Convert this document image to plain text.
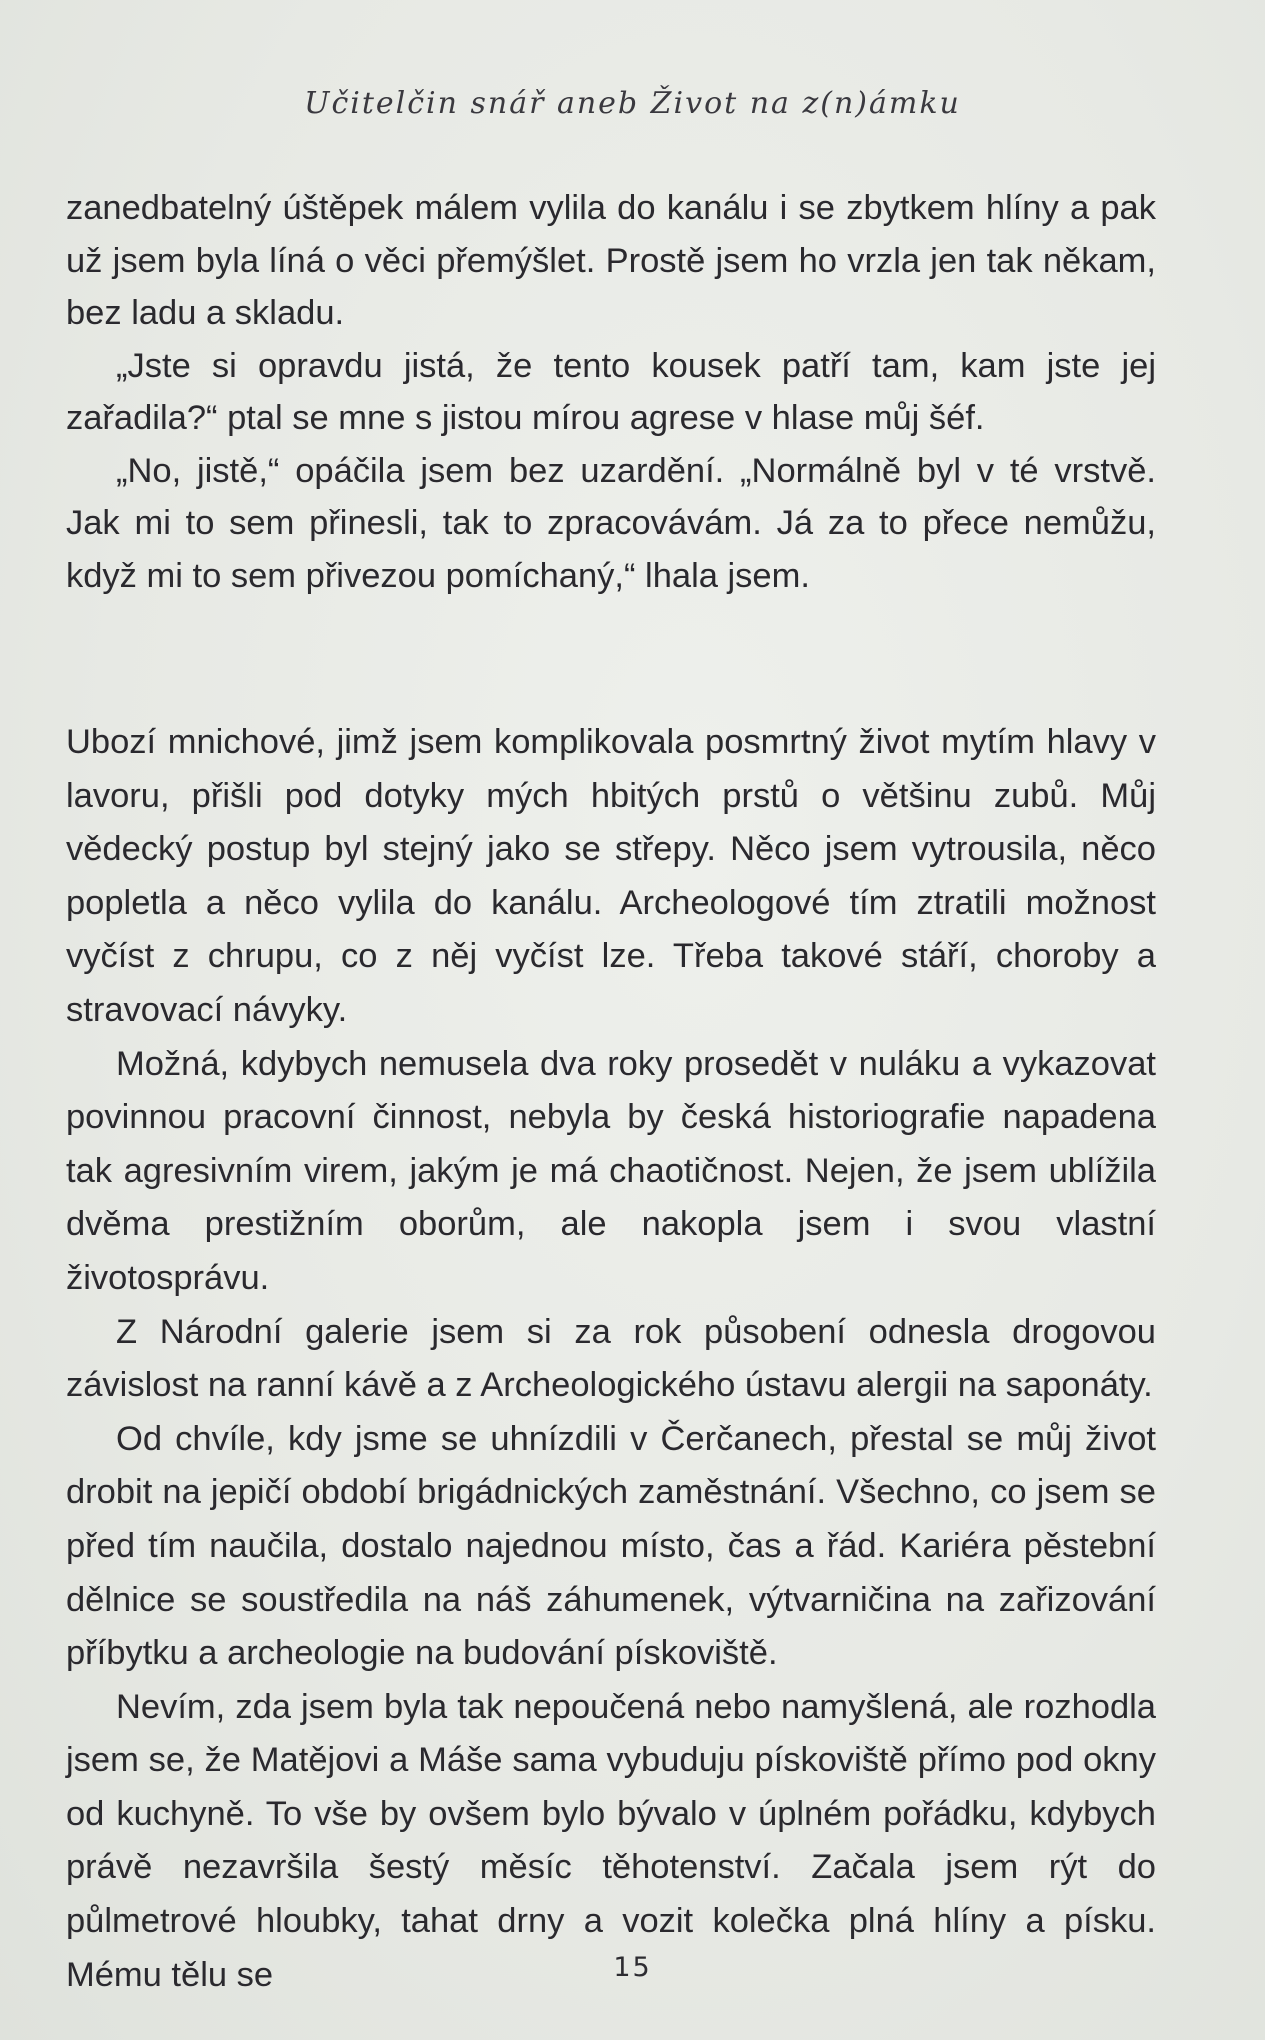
Učitelčin snář aneb Život na z(n)ámku

zanedbatelný úštěpek málem vylila do kanálu i se zbytkem hlíny a pak už jsem byla líná o věci přemýšlet. Prostě jsem ho vrzla jen tak někam, bez ladu a skladu.

„Jste si opravdu jistá, že tento kousek patří tam, kam jste jej zařadila?“ ptal se mne s jistou mírou agrese v hlase můj šéf.

„No, jistě,“ opáčila jsem bez uzardění. „Normálně byl v té vrstvě. Jak mi to sem přinesli, tak to zpracovávám. Já za to přece nemůžu, když mi to sem přivezou pomíchaný,“ lhala jsem.

Ubozí mnichové, jimž jsem komplikovala posmrtný život mytím hlavy v lavoru, přišli pod dotyky mých hbitých prstů o většinu zubů. Můj vědecký postup byl stejný jako se střepy. Něco jsem vytrousila, něco popletla a něco vylila do kanálu. Archeologové tím ztratili možnost vyčíst z chrupu, co z něj vyčíst lze. Třeba takové stáří, choroby a stravovací návyky.

Možná, kdybych nemusela dva roky prosedět v nuláku a vykazovat povinnou pracovní činnost, nebyla by česká historiografie napadena tak agresivním virem, jakým je má chaotičnost. Nejen, že jsem ublížila dvěma prestižním oborům, ale nakopla jsem i svou vlastní životosprávu.

Z Národní galerie jsem si za rok působení odnesla drogovou závislost na ranní kávě a z Archeologického ústavu alergii na saponáty.

Od chvíle, kdy jsme se uhnízdili v Čerčanech, přestal se můj život drobit na jepičí období brigádnických zaměstnání. Všechno, co jsem se před tím naučila, dostalo najednou místo, čas a řád. Kariéra pěstební dělnice se soustředila na náš záhumenek, výtvarničina na zařizování příbytku a archeologie na budování pískoviště.

Nevím, zda jsem byla tak nepoučená nebo namyšlená, ale rozhodla jsem se, že Matějovi a Máše sama vybuduju pískoviště přímo pod okny od kuchyně. To vše by ovšem bylo bývalo v úplném pořádku, kdybych právě nezavršila šestý měsíc těhotenství. Začala jsem rýt do půlmetrové hloubky, tahat drny a vozit kolečka plná hlíny a písku. Mému tělu se	15
